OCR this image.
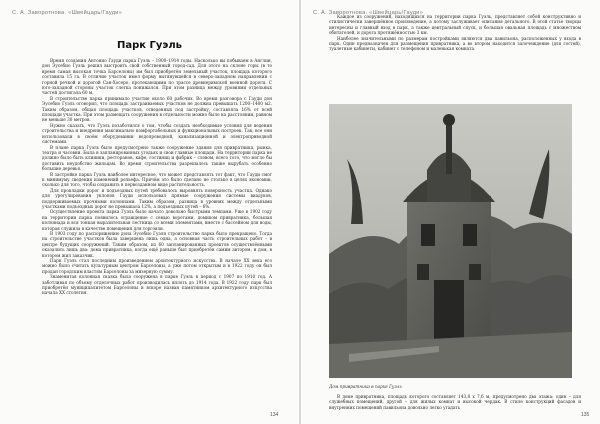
С. А. Заворотнова. «Швейцарь/Гауди»
Парк Гуэль

Время создания Антонио Гауди парка Гуэль – 1900–1914 годы. Насколько вы побываем в Англии, дон Эусебио Гуэль решил выстроить свой собственный город-сад. Для этого на склоне горы (в то время самая высокая точка Барселоны) им был приобретён земельный участок, площадь которого составила 15 га. В отличие участок имел форму вытянувшейся в северо-западном направлении с горной речкой и дорогой Сан-Хосеро, протекающими по трассе древнеримской военной дороги. С юго-западной стороны участок слегка понижался. При этом разница между уровнями отдельных частей достигала 60 м.

В строительстве парка принимало участие около 60 рабочих. Во время разговора с Гауди дон Эусебио Гуэль оговорил, что площадь застраиваемых участков не должна превышать 1200–1400 м2. Таким образом, общая площадь участков, отведенных под застройку, составляла 16% от всей площади участка. При этом размещать сооружения в отдельности можно было на расстоянии, равном не меньше 30 метров.

Нужно сказать, что Гуэль позаботился о том, чтобы создать необходимые условия для ведения строительства и внедрения максимально комфортабельных и функциональных построек. Так, все они использовали в своём оборудовании водопроводной, канализационной и электроприводной системами.

В плане парка Гуэль было предусмотрено также сооружение здания для привратника, рынка, театра и часовни. Была в запланированных угодьях и свои главные площади. На территории парка не должно было быть клиники, ресторанов, кафе, гостиниц и фабрик – словом, всего того, что могло бы доставить неудобство жильцам. Во время строительства разрешалось также вырубать особенно большие деревья.

В застройке парка Гуэль наиболее интересное, что может представлять тот факт, что Гауди смог к минимуму сведения изменений рельефа. Причём это было сделано не столько в целях экономии, сколько для того, чтобы сохранить в первозданном виде растительность.

Для прокладки дорог и подъездных путей требовалось выровнять поверхность участка. Однако для урегулирования уклонов Гауди использовал прямые сооружения системы виадуков, поддерживаемых прочными колоннами. Таким образом, разница в уровнях между отдельными участками подъездных дорог не превышала 12%, а подъездных путей – 6%.

Осуществление проекта парка Гуэль было начато довольно быстрыми темпами. Уже в 1902 году на территории парка появилось ограждение с семью воротами, домиком привратника, большая колоннада и вся тонкая выразительная лестница со всеми элементами, вместе с бассейном для воды, которая служила в качестве помещения для торговли.

В 1903 году по распоряжению дона Эусебио Гуэля строительство парка было прекращено. Тогда на строительстве участков была завершена лишь одна, а основная часть строительных работ – в центре будущих сооружений. Таким образом, из 60 запланированных проектов осуществлёнными оказались лишь два: дома привратника, когда ещё раньше был приобретён самим автором, и дом, в котором жил заказчик.

Парк Гуэль стал последним произведением архитектурного искусства. В начале XX века его можно было считать культурным центром Барселоны, а уже потом открытым и в 1922 году он был продан городским властям Барселоны за мизерную сумму.

Знаменитая колонная сказка была сооружена в парке Гуэль в период с 1907 по 1910 год. А заботливая по объему отделочных работ производилась вплоть до 1914 года. В 1922 году парк был приобретён муниципалитетом Барселоны и вскоре назван памятником архитектурного искусства начала XX столетия.

134
С. А. Заворотнова. «Швейцарь/Гауди»

Каждое из сооружений, находящихся на территории парка Гуэль, представляет собой конструктивно и стилистически завершённое произведение, а потому заслуживает описания детального. В этой статье творцы интересны и главный вход в парк, а также центральный спуск, и большая овальная площадь с множеством обитателей, и дорога протяжённостью 3 км.

Наиболее значительными по размерам постройками являются два павильона, расположенных у входа в парк. Один предназначен для размещения привратника, а во втором находится залочеждение (для гостей), туалетные кабинеты, кабинет с телефоном и маленькая комната.

Дом привратника в парке Гуэль

В доме привратника, площадь которого составляет 143,8 х 7,6 м, предусмотрено два этажа: один – для служебных помещений, другой – для жилых комнат и высокой чердак. В стиле конструкций фасадов и внутренних помещений павильона довольно легко угадать

135
